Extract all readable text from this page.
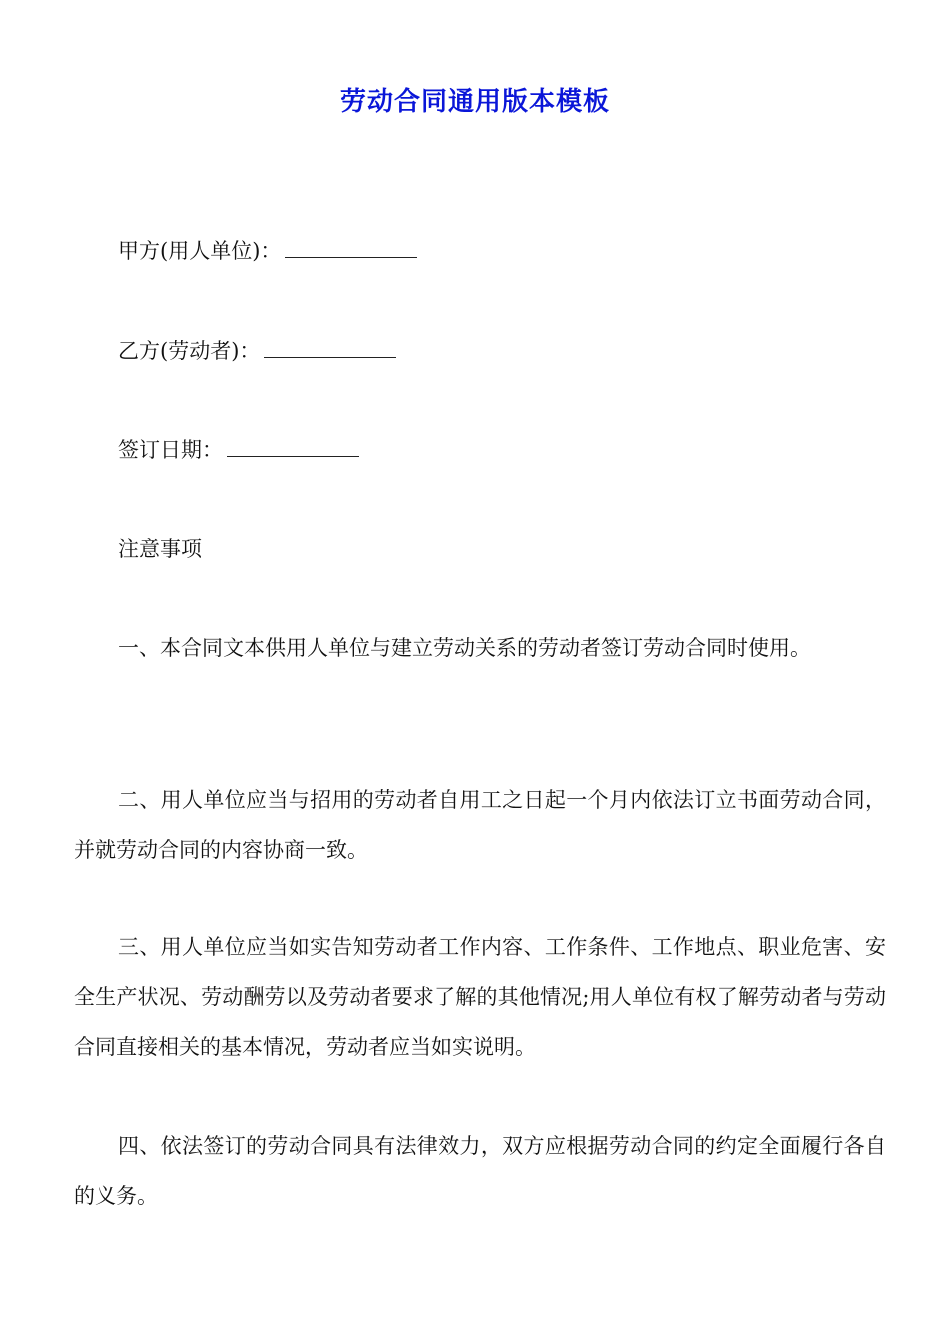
劳动合同通用版本模板
甲方(用人单位)：
乙方(劳动者)：
签订日期：
注意事项

一、本合同文本供用人单位与建立劳动关系的劳动者签订劳动合同时使用。

二、用人单位应当与招用的劳动者自用工之日起一个月内依法订立书面劳动合同，并就劳动合同的内容协商一致。

三、用人单位应当如实告知劳动者工作内容、工作条件、工作地点、职业危害、安全生产状况、劳动酬劳以及劳动者要求了解的其他情况;用人单位有权了解劳动者与劳动合同直接相关的基本情况，劳动者应当如实说明。

四、依法签订的劳动合同具有法律效力，双方应根据劳动合同的约定全面履行各自的义务。
